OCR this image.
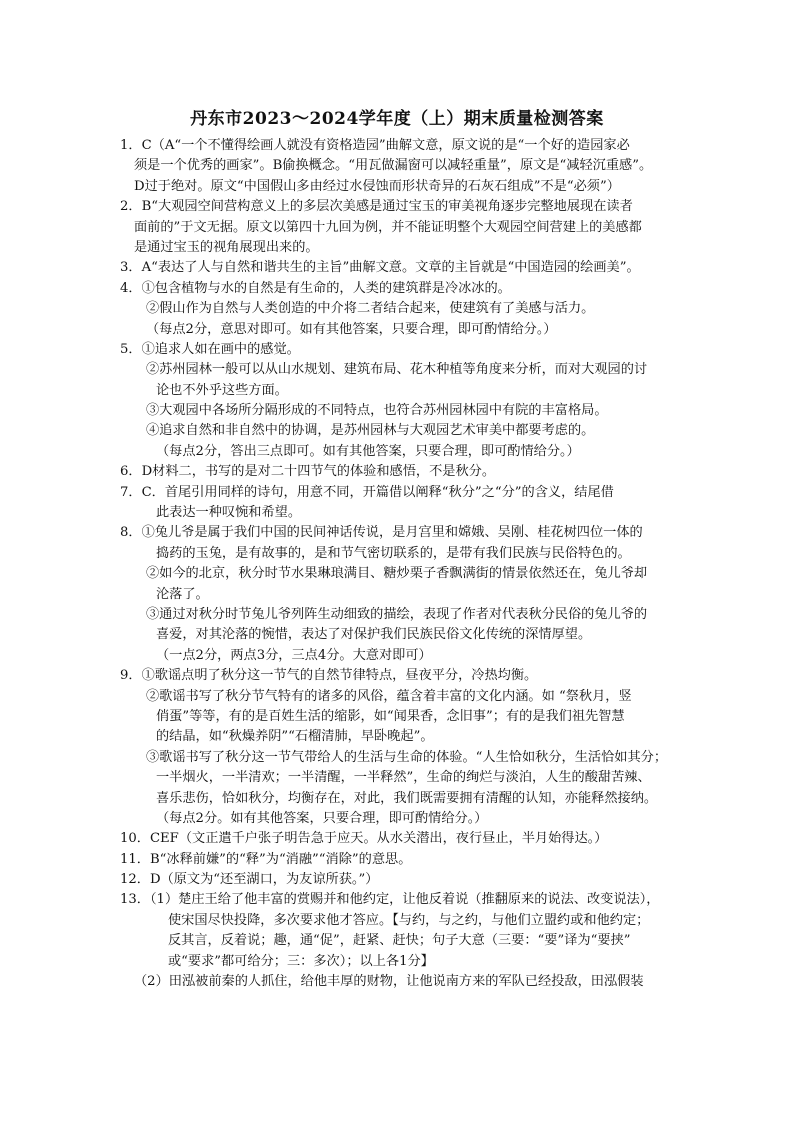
丹东市2023～2024学年度（上）期末质量检测答案
1．C（A“一个不懂得绘画人就没有资格造园”曲解文意，原文说的是“一个好的造园家必
须是一个优秀的画家”。B偷换概念。“用瓦做漏窗可以减轻重量”，原文是“减轻沉重感”。
D过于绝对。原文“中国假山多由经过水侵蚀而形状奇异的石灰石组成”不是“必须”）
2．B“大观园空间营构意义上的多层次美感是通过宝玉的审美视角逐步完整地展现在读者
面前的”于文无据。原文以第四十九回为例，并不能证明整个大观园空间营建上的美感都
是通过宝玉的视角展现出来的。
3．A“表达了人与自然和谐共生的主旨”曲解文意。文章的主旨就是“中国造园的绘画美”。
4．①包含植物与水的自然是有生命的，人类的建筑群是冷冰冰的。
②假山作为自然与人类创造的中介将二者结合起来，使建筑有了美感与活力。
（每点2分，意思对即可。如有其他答案，只要合理，即可酌情给分。）
5．①追求人如在画中的感觉。
②苏州园林一般可以从山水规划、建筑布局、花木种植等角度来分析，而对大观园的讨
论也不外乎这些方面。
③大观园中各场所分隔形成的不同特点，也符合苏州园林园中有院的丰富格局。
④追求自然和非自然中的协调，是苏州园林与大观园艺术审美中都要考虑的。
（每点2分，答出三点即可。如有其他答案，只要合理，即可酌情给分。）
6．D材料二，书写的是对二十四节气的体验和感悟，不是秋分。
7．C．首尾引用同样的诗句，用意不同，开篇借以阐释“秋分”之“分”的含义，结尾借
此表达一种叹惋和希望。
8．①兔儿爷是属于我们中国的民间神话传说，是月宫里和嫦娥、吴刚、桂花树四位一体的
捣药的玉兔，是有故事的，是和节气密切联系的，是带有我们民族与民俗特色的。
②如今的北京，秋分时节水果琳琅满目、糖炒栗子香飘满街的情景依然还在，兔儿爷却
沦落了。
③通过对秋分时节兔儿爷列阵生动细致的描绘，表现了作者对代表秋分民俗的兔儿爷的
喜爱，对其沦落的惋惜，表达了对保护我们民族民俗文化传统的深情厚望。
（一点2分，两点3分，三点4分。大意对即可）
9．①歌谣点明了秋分这一节气的自然节律特点，昼夜平分，冷热均衡。
②歌谣书写了秋分节气特有的诸多的风俗，蕴含着丰富的文化内涵。如 “祭秋月，竖
俏蛋”等等，有的是百姓生活的缩影，如“闻果香，念旧事”；有的是我们祖先智慧
的结晶，如“秋燥养阴”“石榴清肺，早卧晚起”。
③歌谣书写了秋分这一节气带给人的生活与生命的体验。“人生恰如秋分，生活恰如其分；
一半烟火，一半清欢；一半清醒，一半释然”，生命的绚烂与淡泊，人生的酸甜苦辣、
喜乐悲伤，恰如秋分，均衡存在，对此，我们既需要拥有清醒的认知，亦能释然接纳。
（每点2分。如有其他答案，只要合理，即可酌情给分。）
10．CEF（文正遣千户张子明告急于应天。从水关潜出，夜行昼止，半月始得达。）
11．B“冰释前嫌”的“释”为“消融”“消除”的意思。
12．D（原文为“还至湖口，为友谅所获。”）
13．（1）楚庄王给了他丰富的赏赐并和他约定，让他反着说（推翻原来的说法、改变说法），
使宋国尽快投降，多次要求他才答应。【与约，与之约，与他们立盟约或和他约定；
反其言，反着说；趣，通“促”，赶紧、赶快；句子大意（三要：“要”译为“要挟”
或“要求”都可给分；三：多次）；以上各1分】
（2）田泓被前秦的人抓住，给他丰厚的财物，让他说南方来的军队已经投敌，田泓假装
